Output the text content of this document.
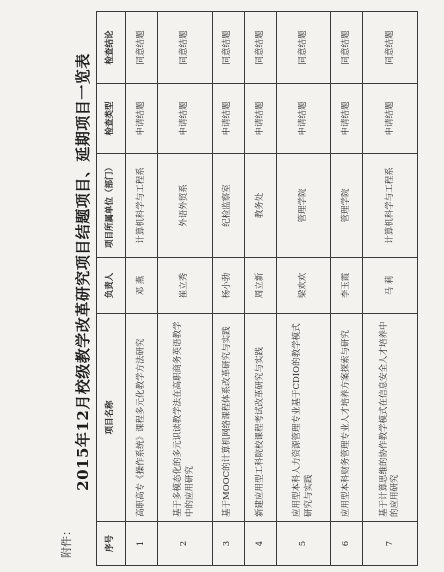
附件：
2015年12月校级教学改革研究项目结题项目、延期项目一览表
序号	项目名称	负责人	项目所属单位（部门）	检查类型	检查结论
1	高职高专《操作系统》课程多元化教学方法研究	邓 燕	计算机科学与工程系	申请结题	同意结题
2	基于多模态化的多元识读教学法在高职商务英语教学中的应用研究	崔立秀	外语外贸系	申请结题	同意结题
3	基于MOOC的计算机网络课程体系改革研究与实践	杨小勃	纪检监察室	申请结题	同意结题
4	新建应用型工科院校课程考试改革研究与实践	周立新	教务处	申请结题	同意结题
5	应用型本科人力资源管理专业基于CDIO的教学模式研究与实践	梁欢欢	管理学院	申请结题	同意结题
6	应用型本科财务管理专业人才培养方案探索与研究	李玉霞	管理学院	申请结题	同意结题
7	基于计算思维的协作教学模式在信息安全人才培养中的应用研究	马 莉	计算机科学与工程系	申请结题	同意结题
